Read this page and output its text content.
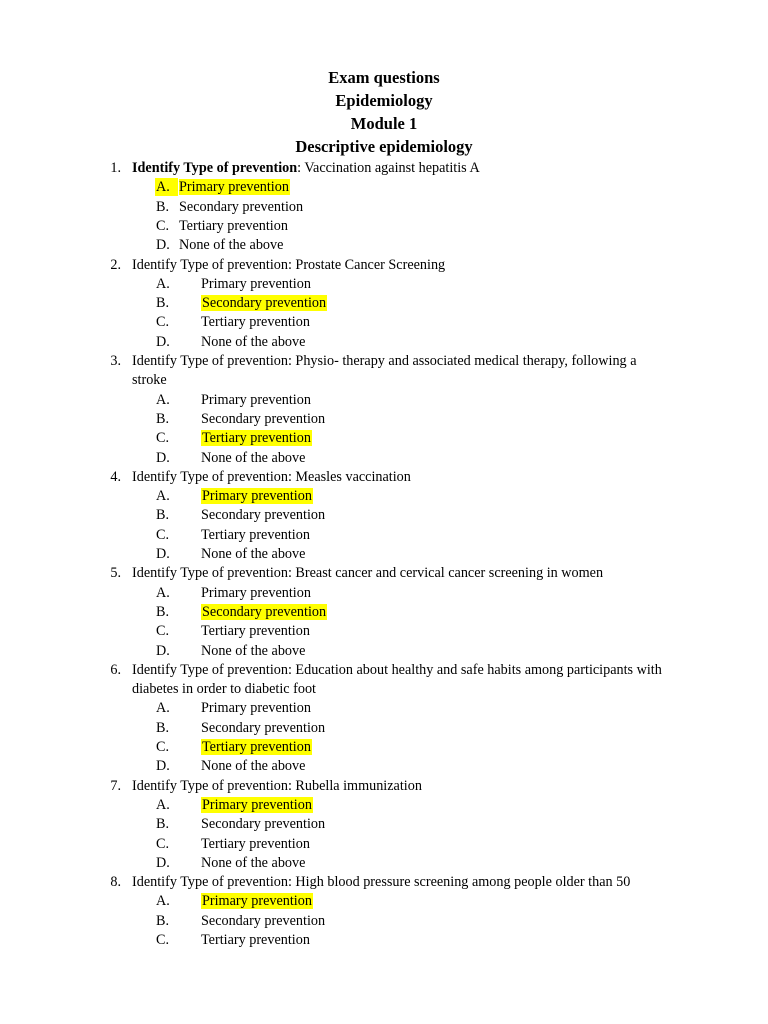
Exam questions
Epidemiology
Module 1
Descriptive epidemiology
1. Identify Type of prevention: Vaccination against hepatitis A
A. Primary prevention
B. Secondary prevention
C. Tertiary prevention
D. None of the above
2. Identify Type of prevention: Prostate Cancer Screening
A. Primary prevention
B. Secondary prevention
C. Tertiary prevention
D. None of the above
3. Identify Type of prevention: Physio- therapy and associated medical therapy, following a
stroke
A. Primary prevention
B. Secondary prevention
C. Tertiary prevention
D. None of the above
4. Identify Type of prevention: Measles vaccination
A. Primary prevention
B. Secondary prevention
C. Tertiary prevention
D. None of the above
5. Identify Type of prevention: Breast cancer and cervical cancer screening in women
A. Primary prevention
B. Secondary prevention
C. Tertiary prevention
D. None of the above
6. Identify Type of prevention: Education about healthy and safe habits among participants with
diabetes in order to diabetic foot
A. Primary prevention
B. Secondary prevention
C. Tertiary prevention
D. None of the above
7. Identify Type of prevention: Rubella immunization
A. Primary prevention
B. Secondary prevention
C. Tertiary prevention
D. None of the above
8. Identify Type of prevention: High blood pressure screening among people older than 50
A. Primary prevention
B. Secondary prevention
C. Tertiary prevention
